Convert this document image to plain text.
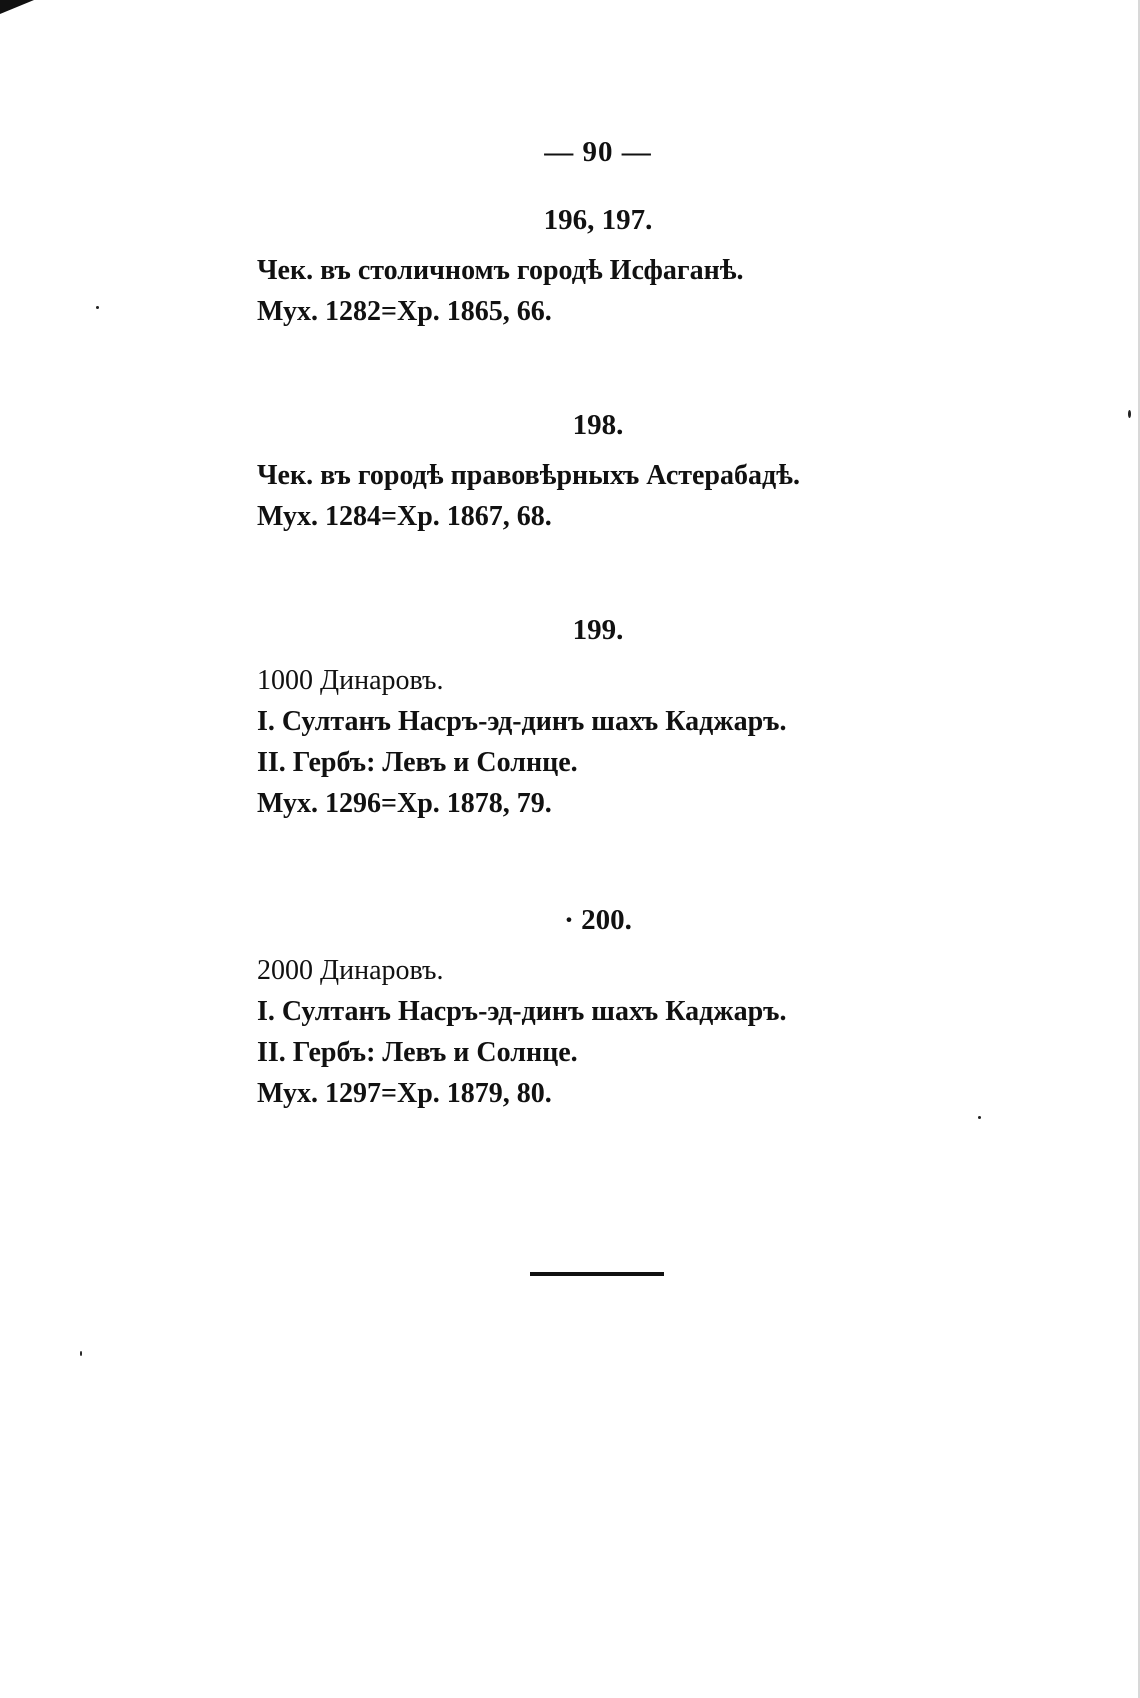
— 90 —
196, 197.
Чек. въ столичномъ городѣ Исфаганѣ.
Мух. 1282=Хр. 1865, 66.
198.
Чек. въ городѣ правовѣрныхъ Астерабадѣ.
Мух. 1284=Хр. 1867, 68.
199.
1000 Динаровъ.
I. Султанъ Насръ-эд-динъ шахъ Каджаръ.
II. Гербъ: Левъ и Солнце.
Мух. 1296=Хр. 1878, 79.
· 200.
2000 Динаровъ.
I. Султанъ Насръ-эд-динъ шахъ Каджаръ.
II. Гербъ: Левъ и Солнце.
Мух. 1297=Хр. 1879, 80.
